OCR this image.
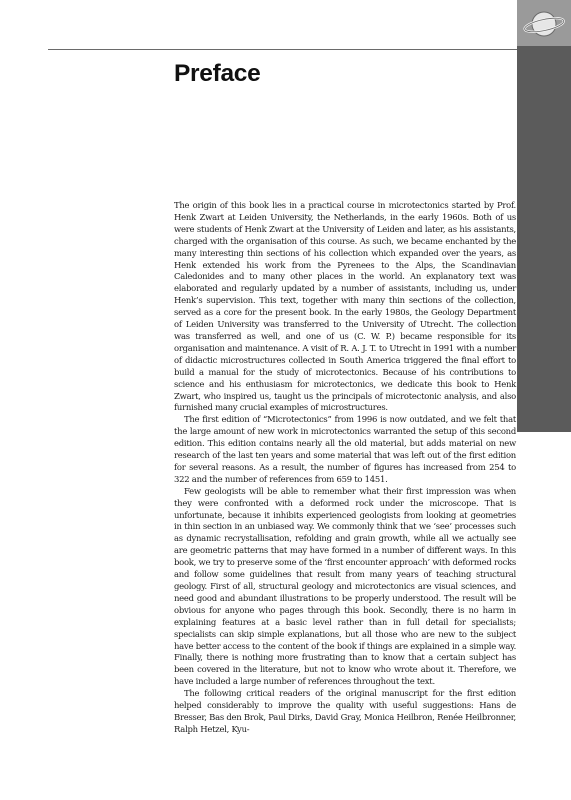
Preface

The origin of this book lies in a practical course in microtectonics started by Prof. Henk Zwart at Leiden University, the Netherlands, in the early 1960s. Both of us were students of Henk Zwart at the University of Leiden and later, as his assistants, charged with the organisation of this course. As such, we became enchanted by the many interesting thin sections of his collection which expanded over the years, as Henk extended his work from the Pyrenees to the Alps, the Scandinavian Caledonides and to many other places in the world. An explanatory text was elaborated and regularly updated by a number of assistants, including us, under Henk’s supervision. This text, together with many thin sections of the collection, served as a core for the present book. In the early 1980s, the Geology Department of Leiden University was transferred to the University of Utrecht. The collection was transferred as well, and one of us (C. W. P.) became responsible for its organisation and maintenance. A visit of R. A. J. T. to Utrecht in 1991 with a number of didactic microstructures collected in South America triggered the final effort to build a manual for the study of microtectonics. Because of his contributions to science and his enthusiasm for microtectonics, we dedicate this book to Henk Zwart, who inspired us, taught us the principals of microtectonic analysis, and also furnished many crucial examples of microstructures.

The first edition of “Microtectonics” from 1996 is now outdated, and we felt that the large amount of new work in microtectonics warranted the setup of this second edition. This edition contains nearly all the old material, but adds material on new research of the last ten years and some material that was left out of the first edition for several reasons. As a result, the number of figures has increased from 254 to 322 and the number of references from 659 to 1451.

Few geologists will be able to remember what their first impression was when they were confronted with a deformed rock under the microscope. That is unfortunate, because it inhibits experienced geologists from looking at geometries in thin section in an unbiased way. We commonly think that we ‘see’ processes such as dynamic recrystallisation, refolding and grain growth, while all we actually see are geometric patterns that may have formed in a number of different ways. In this book, we try to preserve some of the ‘first encounter approach’ with deformed rocks and follow some guidelines that result from many years of teaching structural geology. First of all, structural geology and microtectonics are visual sciences, and need good and abundant illustrations to be properly understood. The result will be obvious for anyone who pages through this book. Secondly, there is no harm in explaining features at a basic level rather than in full detail for specialists; specialists can skip simple explanations, but all those who are new to the subject have better access to the content of the book if things are explained in a simple way. Finally, there is nothing more frustrating than to know that a certain subject has been covered in the literature, but not to know who wrote about it. Therefore, we have included a large number of references throughout the text.

The following critical readers of the original manuscript for the first edition helped considerably to improve the quality with useful suggestions: Hans de Bresser, Bas den Brok, Paul Dirks, David Gray, Monica Heilbron, Renée Heilbronner, Ralph Hetzel, Kyu-
